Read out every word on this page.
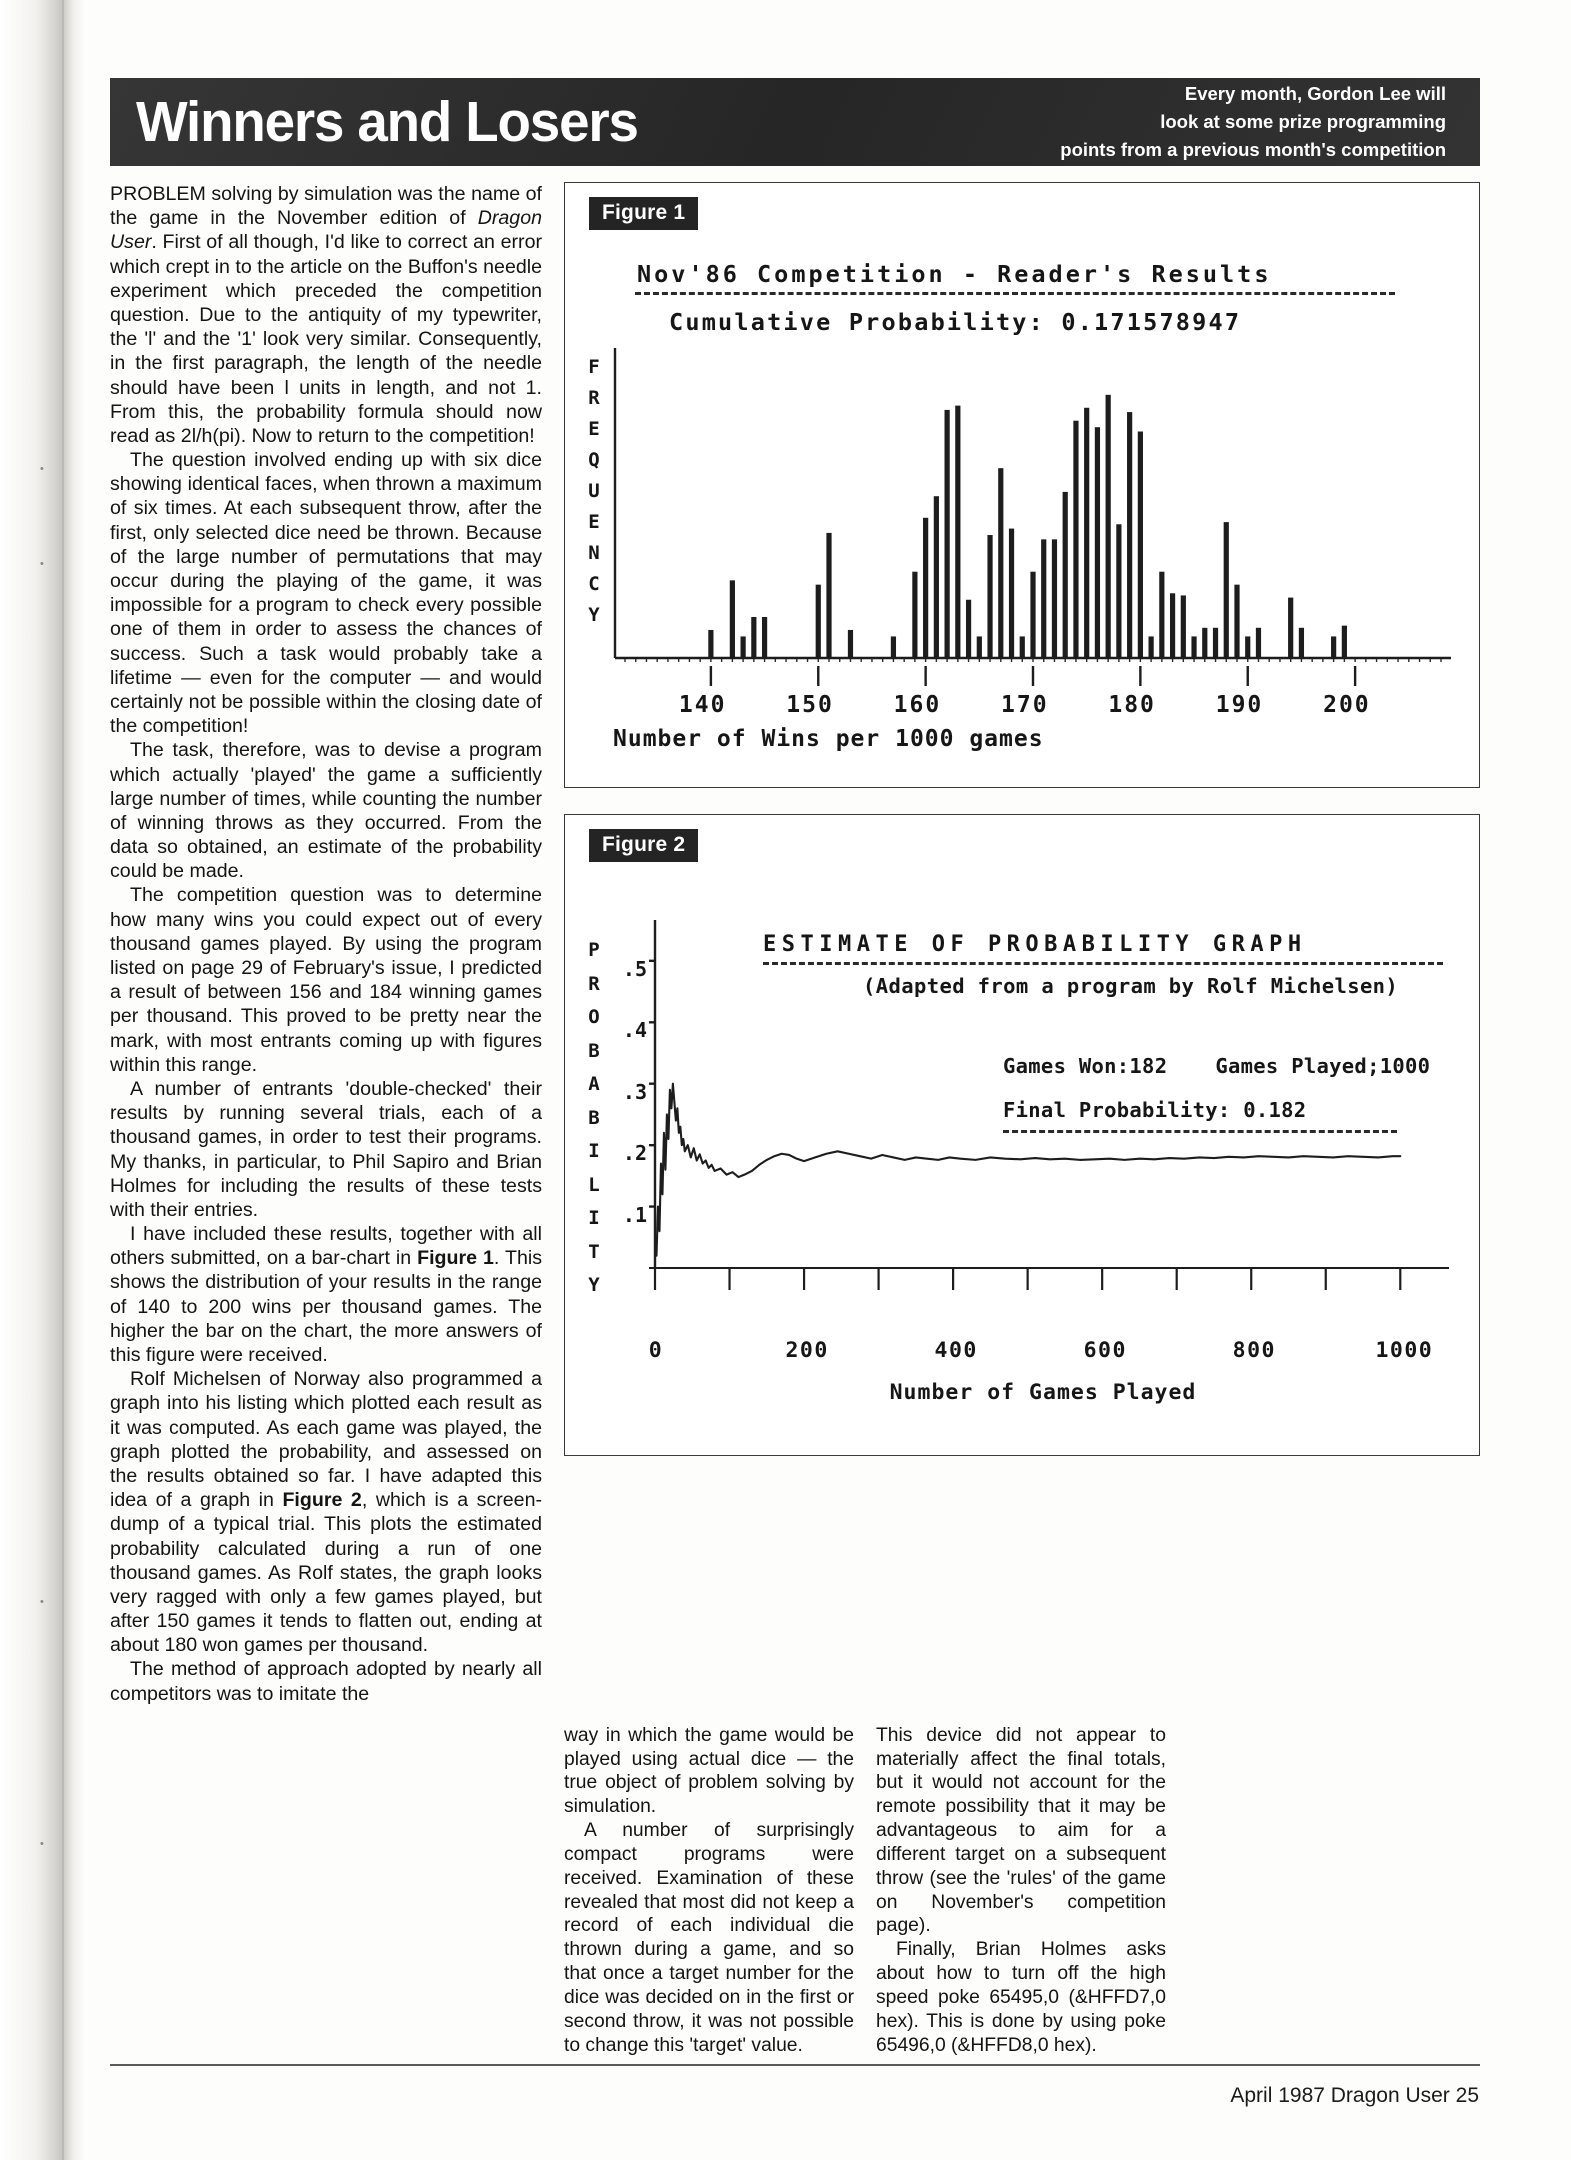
•
•
•
•
Winners and Losers	Every month, Gordon Lee will
look at some prize programming
points from a previous month's competition

PROBLEM solving by simulation was the name of the game in the November edition of Dragon User. First of all though, I'd like to correct an error which crept in to the article on the Buffon's needle experiment which preceded the competition question. Due to the antiquity of my typewriter, the 'l' and the '1' look very similar. Consequently, in the first paragraph, the length of the needle should have been l units in length, and not 1. From this, the probability formula should now read as 2l/h(pi). Now to return to the competition!

The question involved ending up with six dice showing identical faces, when thrown a maximum of six times. At each subsequent throw, after the first, only selected dice need be thrown. Because of the large number of permutations that may occur during the playing of the game, it was impossible for a program to check every possible one of them in order to assess the chances of success. Such a task would probably take a lifetime — even for the computer — and would certainly not be possible within the closing date of the competition!

The task, therefore, was to devise a program which actually 'played' the game a sufficiently large number of times, while counting the number of winning throws as they occurred. From the data so obtained, an estimate of the probability could be made.

The competition question was to determine how many wins you could expect out of every thousand games played. By using the program listed on page 29 of February's issue, I predicted a result of between 156 and 184 winning games per thousand. This proved to be pretty near the mark, with most entrants coming up with figures within this range.

A number of entrants 'double-checked' their results by running several trials, each of a thousand games, in order to test their programs. My thanks, in particular, to Phil Sapiro and Brian Holmes for including the results of these tests with their entries.

I have included these results, together with all others submitted, on a bar-chart in Figure 1. This shows the distribution of your results in the range of 140 to 200 wins per thousand games. The higher the bar on the chart, the more answers of this figure were received.

Rolf Michelsen of Norway also programmed a graph into his listing which plotted each result as it was computed. As each game was played, the graph plotted the probability, and assessed on the results obtained so far. I have adapted this idea of a graph in Figure 2, which is a screen-dump of a typical trial. This plots the estimated probability calculated during a run of one thousand games. As Rolf states, the graph looks very ragged with only a few games played, but after 150 games it tends to flatten out, ending at about 180 won games per thousand.

The method of approach adopted by nearly all competitors was to imitate the

Figure 1
Nov'86 Competition - Reader's Results
Cumulative Probability: 0.171578947
F
R
E
Q
U
E
N
C
Y
140	150	160	170	180	190	200
Number of Wins per 1000 games
Figure 2
P
R
O
B
A
B
I
L
I
T
Y
.5
.4
.3
.2
.1
ESTIMATE OF PROBABILITY GRAPH
(Adapted from a program by Rolf Michelsen)
Games Won:182 Games Played;1000
Final Probability: 0.182
0	200	400	600	800	1000
Number of Games Played

way in which the game would be played using actual dice — the true object of problem solving by simulation.

A number of surprisingly compact programs were received. Examination of these revealed that most did not keep a record of each individual die thrown during a game, and so that once a target number for the dice was decided on in the first or second throw, it was not possible to change this 'target' value.

This device did not appear to materially affect the final totals, but it would not account for the remote possibility that it may be advantageous to aim for a different target on a subsequent throw (see the 'rules' of the game on November's competition page).

Finally, Brian Holmes asks about how to turn off the high speed poke 65495,0 (&HFFD7,0 hex). This is done by using poke 65496,0 (&HFFD8,0 hex).

April 1987 Dragon User 25
